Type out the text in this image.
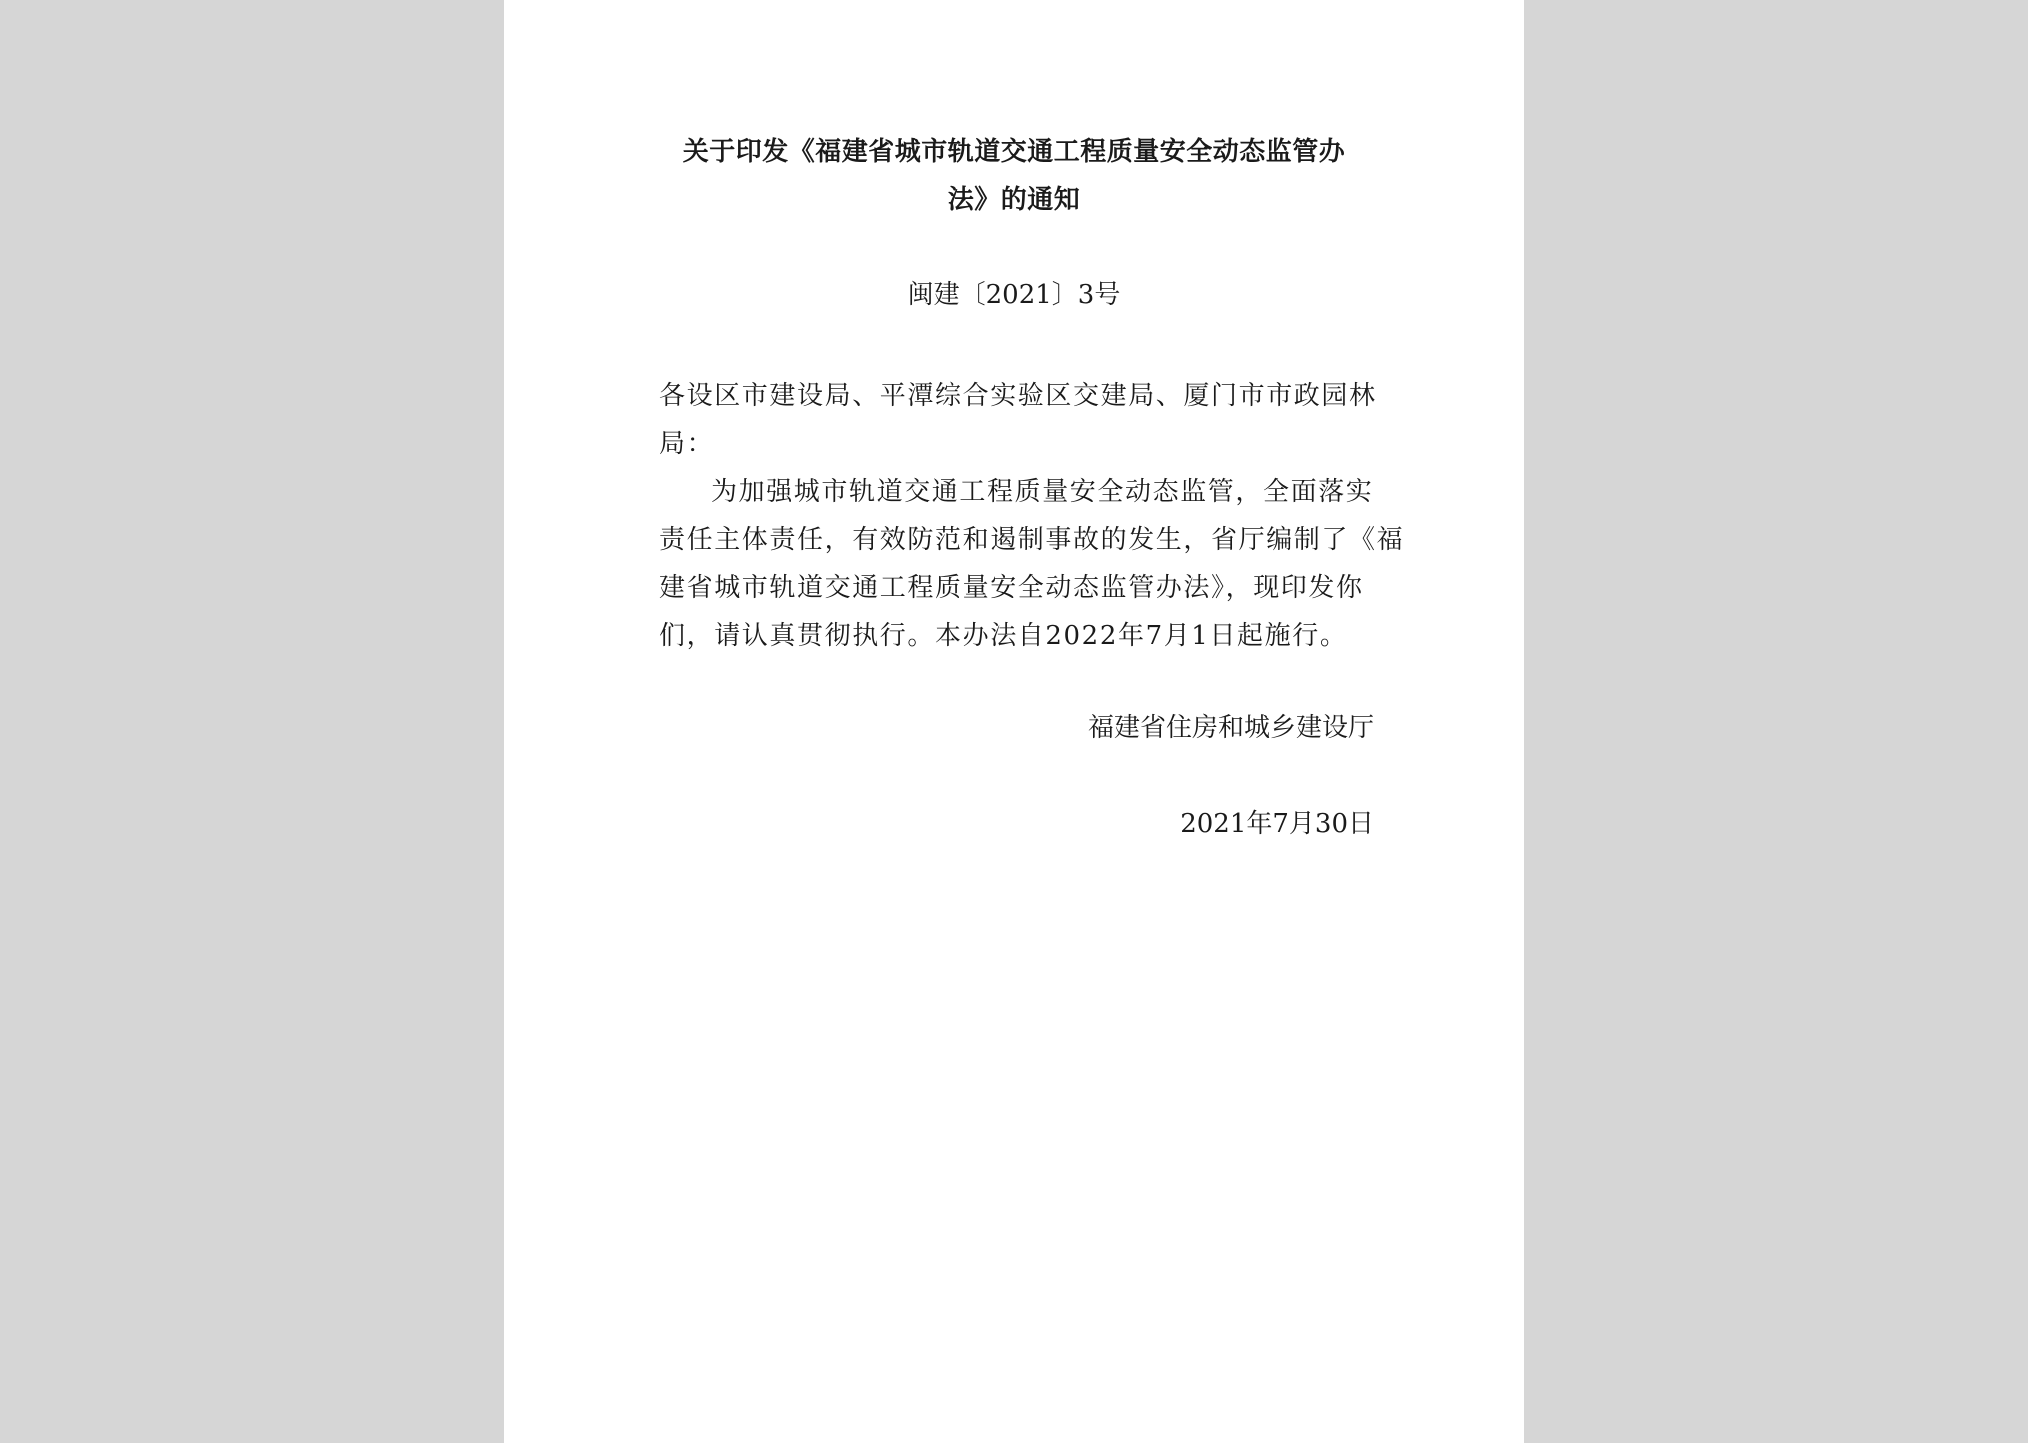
关于印发《福建省城市轨道交通工程质量安全动态监管办
法》的通知
闽建〔2021〕3号
各设区市建设局、平潭综合实验区交建局、厦门市市政园林
局：
为加强城市轨道交通工程质量安全动态监管，全面落实
责任主体责任，有效防范和遏制事故的发生，省厅编制了《福
建省城市轨道交通工程质量安全动态监管办法》，现印发你
们，请认真贯彻执行。本办法自2022年7月1日起施行。
福建省住房和城乡建设厅
2021年7月30日
